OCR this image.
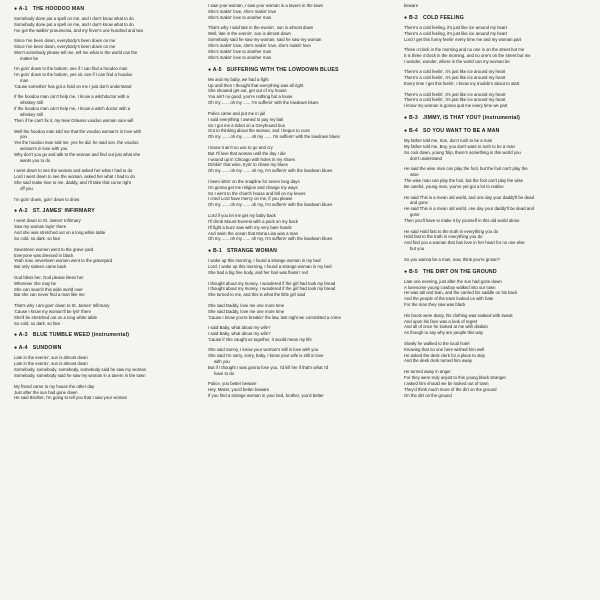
● A-1 THE HOODOO MAN
Somebody done put a spell on me, and I don't know what to do
Somebody done put a spell on me, and I don't know what to do
I've got the walkin' pneumonia, and my fever's one hundred and two
Since I've been down, everybody's been down on me
Since I've been down, everybody's been down on me
Won't somebody please tell me, tell me what in the world can the
matter be
I'm goin' down to the bottom, see if I can find a hoodoo man
I'm goin' down to the bottom, yes sir, see if I can find a hoodoo
man
'Cause somethin' has got a hold on me I just don't understand
If the hoodoo man can't help me, I know a witchdoctor with a
whiskey still
If the hoodoo man can't help me, I know a witch doctor with a
whiskey still
Then if he can't fix it, my New Orleans voodoo woman sure will
Well the hoodoo man told me that the voodoo woman's in love with
you
Yes the hoodoo man told me, yes he did, he said son, the voodoo
woman's in love with you
Why don't you go and talk to the woman and find out just what she
wants you to do
I went down to see the woman and asked her what I had to do
Lord I went down to see the woman, asked her what I had to do
She said make love to me, daddy, and I'll take that curse right
off you
I'm goin' down, goin' down to drow
● A-2 ST. JAMES' INFIRMARY
I went down to St. James' Infirmary
Saw my woman layin' there
And she was stretched out on a long white table
So cold, so dark, so fare
Seventeen women went to the grave yard
Everyone was dressed in black
Yeah now, seventeen women went to the graveyard
But only sixteen came back
God bless her, God please bless her
Wherever she may be
She can search this wide world over
But she can never find a man like me
That's why I am goin' down to St. James' Infirmary
'Cause I know my woman'll be lyin' there
She'll be stretched out on a long white table
So cold, so dark, so fare
● A-3 BLUE TUMBLE WEED (instrumental)
● A-4 SUNDOWN
Late in the evenin', sun is almost down
Late in the evenin', sun is almost down
Somebody, somebody, somebody, somebody said he saw my woman
Somebody, somebody said he saw my woman in a tavern in the town
My friend came to my house the other day
Just after the sun had gone down
He said Brother, I'm going to tell you that I saw your woman
I saw your woman, I saw your woman in a tavern in the town
She's makin' love, she's makin' love
She's makin' love to another man
That's why I said late in the evenin', sun is almost down
Well, late in the evenin', sun is almost down
Somebody said he saw my woman, said he saw my woman
She's makin' love, she's makin' love, she's makin' love
She's makin' love to another man
She's makin' love to another man
● A-5 SUFFERING WITH THE LOWDOWN BLUES
Me and my baby, we had a fight
Up until then I thought that everything was all right
She shouted get out, get out of my house
You ain't no good, you're nothing but a louse
Oh my ...... oh my ...... I'm sufferin' with the lowdown blues
Police came and put me in jail
I said everything I owned to pay my bail
So I got me a ticket on a Greyhound bus
Got to thinking about the woman, and I begun to cuss
Oh my ...... oh my ...... oh my ...... I'm sufferin' with the lowdown blues
I know it ain't no use to go and cry
But I'll love that woman until the day I die
I wound up in Chicago with holes in my shoes
Drinkin' that wine, tryin' to chase my blues
Oh my ...... oh my ...... oh my, I'm sufferin' with the lowdown blues
I been sittin' on the snapline for seven long days
I'm gonna get me religion and change my ways
So I went to the church house and fell on my knees
I cried Lord have mercy on me, if you please
Oh my ...... oh my ...... oh my, I'm sufferin' with the lowdown blues
Lord if you let me get my baby back
I'll climb Mount Everest with a pack on my back
I'll fight a buzz saw with my very bare hands
And swim the ocean that Mona Lisa was a man
Oh my ...... oh my ...... oh my, I'm sufferin' with the lowdown blues
● B-1 STRANGE WOMAN
I woke up this morning, I found a strange woman in my bed
Lord, I woke up this morning, I found a strange woman in my bed
She had a big fine body, and her hair was flamin' red
I thought about my money, I wondered if the girl had took my bread
I thought about my money, I wondered if the girl had took my bread
She turned to me, and this is what the little girl said
She said Daddy, love me one more time
She said Daddy, love me one more time
'Cause I know you're breakin' the law, last night we committed a crime
I said Baby, what about my wife?
I said Baby, what about my wife?
'Cause if she caught us together, it would mean my life
She said Sonny, I know your woman's still in love with you
She said I'm sorry, sorry, baby, I know your wife is still in love
with you
But if I thought I was gonna lose you, I'd kill her if that's what I'd
have to do
Police, you better beware
Hey, Mister, you'd better beware
If you find a strange woman in your bed, brother, you'd better
beware
● B-2 COLD FEELING
There's a cold feeling, it's just like ice around my heart
There's a cold feeling, it's just like ice around my heart
Lord I get this funny feelin' every time me and my woman part
Three o'clock in the morning and no one is on the street but me
It is three o'clock in the morning, and no one's on the street but me
I wonder, wonder, where in the world can my woman be
There's a cold feelin', it's just like ice around my heart
There's a cold feelin', it's just like ice around my heart
Every time I get this feelin', I know my trouble's about to start
There's a cold feelin', it's just like ice around my heart
There's a cold feelin', it's just like ice around my heart
I know my woman is gonna quit me every time we part
● B-3 JIMMY, IS THAT YOU? (instrumental)
● B-4 SO YOU WANT TO BE A MAN
My father told me, Son, don't rush to be a man
My father told me, Boy, you don't want to rush to be a man
So cool down, young 'blip, there's something in this world you
don't understand
He said the wise man can play the fool, but the fool can't play the
wise
The wise man can play the fool, but the fool can't play the wise
Be careful, young man, you've yet got a lot to realise
He said This is a mean old world, and one day your daddy'll be dead
and gone
He said This is a mean old world, one day your daddy'll be dead and
gone
Then you'll have to make it by yourself in this old world alone
He said Hold fast to the truth in everything you do
Hold fast to the truth in everything you do
And find you a woman that has love in her heart for no one else
but you
So you wanna be a man, now, think you're grown?
● B-5 THE DIRT ON THE GROUND
Late one evening, just after the sun had gone down
A lonesome young cowboy walked into our town
He was tall and lean, and the carried his saddle on his back
And the people of the town looked on with hate
For the man they saw was black
His boots were dusty, his clothing was soaked with sweat
And upon his face was a look of regret
And all of once he looked at me with disdain
As though to say why are people this way
Slowly he walked to the local hotel
Knowing that no one here wished him well
He asked the desk clerk for a place to stay
And the desk clerk turned him away
He turned away in anger
For they were truly unjust to this young black stranger
I asked him should we be looked out of town
They'd think much more of the dirt on the ground
On the dirt on the ground
